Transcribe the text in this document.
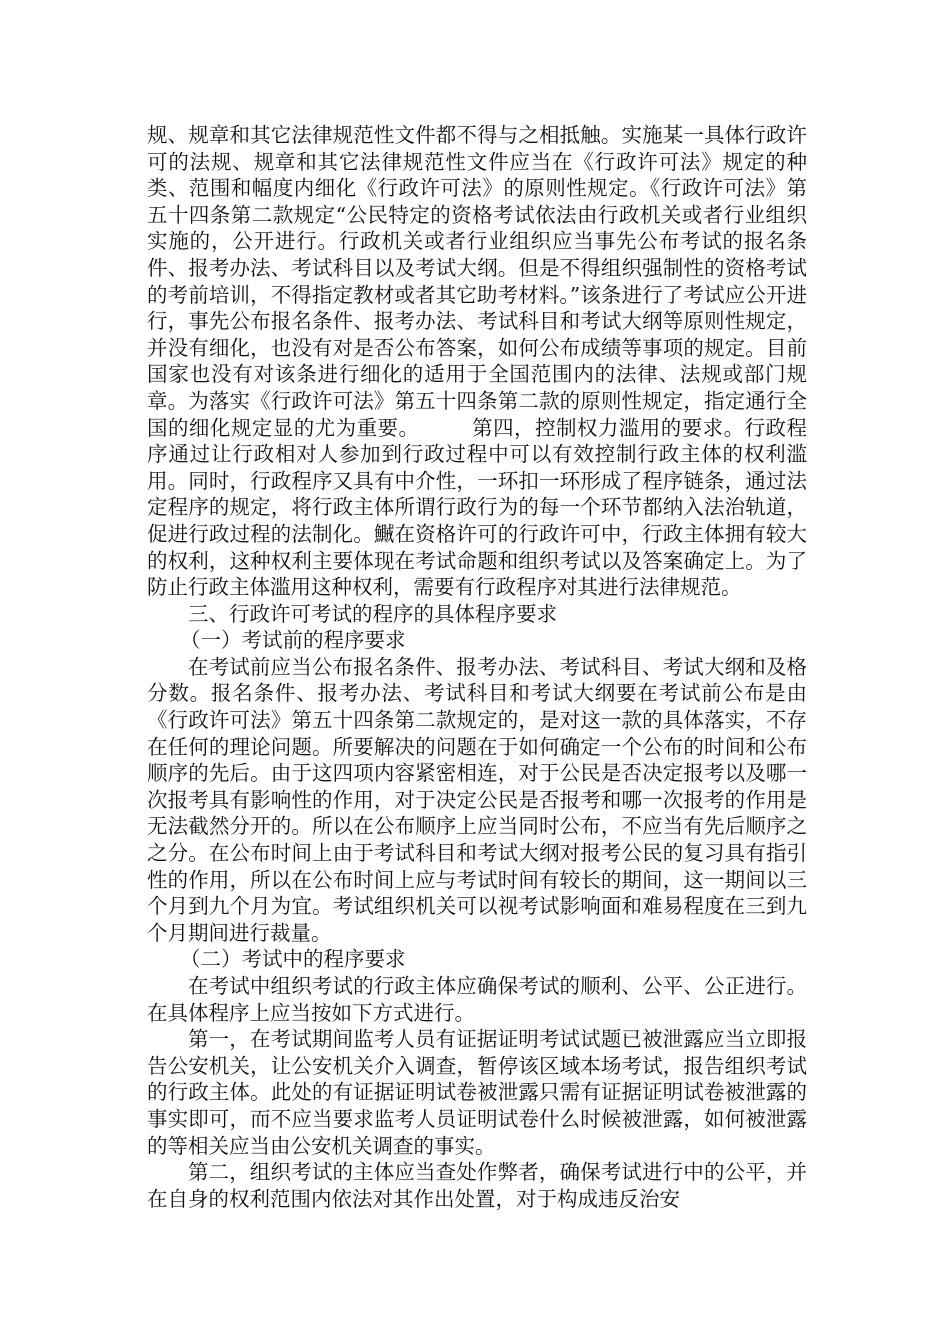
规、规章和其它法律规范性文件都不得与之相抵触。实施某一具体行政许可的法规、规章和其它法律规范性文件应当在《行政许可法》规定的种类、范围和幅度内细化《行政许可法》的原则性规定。《行政许可法》第五十四条第二款规定“公民特定的资格考试依法由行政机关或者行业组织实施的，公开进行。行政机关或者行业组织应当事先公布考试的报名条件、报考办法、考试科目以及考试大纲。但是不得组织强制性的资格考试的考前培训，不得指定教材或者其它助考材料。”该条进行了考试应公开进行，事先公布报名条件、报考办法、考试科目和考试大纲等原则性规定，并没有细化，也没有对是否公布答案，如何公布成绩等事项的规定。目前国家也没有对该条进行细化的适用于全国范围内的法律、法规或部门规章。为落实《行政许可法》第五十四条第二款的原则性规定，指定通行全国的细化规定显的尤为重要。　　　第四，控制权力滥用的要求。行政程序通过让行政相对人参加到行政过程中可以有效控制行政主体的权利滥用。同时，行政程序又具有中介性，一环扣一环形成了程序链条，通过法定程序的规定，将行政主体所谓行政行为的每一个环节都纳入法治轨道，促进行政过程的法制化。鱡在资格许可的行政许可中，行政主体拥有较大的权利，这种权利主要体现在考试命题和组织考试以及答案确定上。为了防止行政主体滥用这种权利，需要有行政程序对其进行法律规范。

三、行政许可考试的程序的具体程序要求

（一）考试前的程序要求

在考试前应当公布报名条件、报考办法、考试科目、考试大纲和及格分数。报名条件、报考办法、考试科目和考试大纲要在考试前公布是由《行政许可法》第五十四条第二款规定的，是对这一款的具体落实，不存在任何的理论问题。所要解决的问题在于如何确定一个公布的时间和公布顺序的先后。由于这四项内容紧密相连，对于公民是否决定报考以及哪一次报考具有影响性的作用，对于决定公民是否报考和哪一次报考的作用是无法截然分开的。所以在公布顺序上应当同时公布，不应当有先后顺序之之分。在公布时间上由于考试科目和考试大纲对报考公民的复习具有指引性的作用，所以在公布时间上应与考试时间有较长的期间，这一期间以三个月到九个月为宜。考试组织机关可以视考试影响面和难易程度在三到九个月期间进行裁量。

（二）考试中的程序要求

在考试中组织考试的行政主体应确保考试的顺利、公平、公正进行。在具体程序上应当按如下方式进行。

第一，在考试期间监考人员有证据证明考试试题已被泄露应当立即报告公安机关，让公安机关介入调查，暂停该区域本场考试，报告组织考试的行政主体。此处的有证据证明试卷被泄露只需有证据证明试卷被泄露的事实即可，而不应当要求监考人员证明试卷什么时候被泄露，如何被泄露的等相关应当由公安机关调查的事实。

第二，组织考试的主体应当查处作弊者，确保考试进行中的公平，并在自身的权利范围内依法对其作出处置，对于构成违反治安
